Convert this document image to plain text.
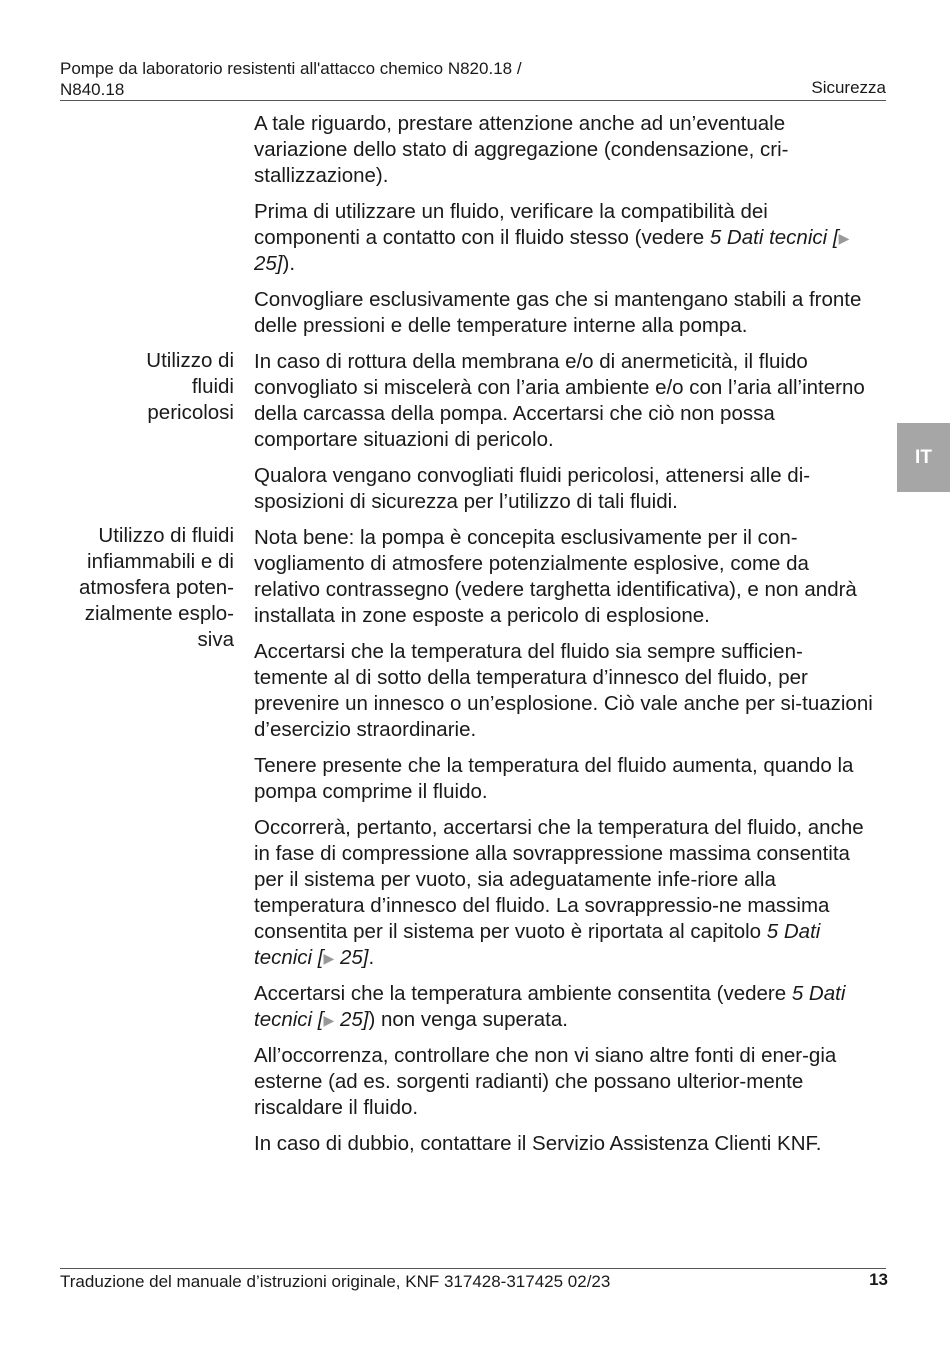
Pompe da laboratorio resistenti all'attacco chemico N820.18 / N840.18	Sicurezza
Utilizzo di fluidi pericolosi
Utilizzo di fluidi infiammabili e di atmosfera poten-zialmente esplo-siva

A tale riguardo, prestare attenzione anche ad un’eventuale variazione dello stato di aggregazione (condensazione, cri-stallizzazione).

Prima di utilizzare un fluido, verificare la compatibilità dei componenti a contatto con il fluido stesso (vedere 5 Dati tecnici [▶ 25]).

Convogliare esclusivamente gas che si mantengano stabili a fronte delle pressioni e delle temperature interne alla pompa.

In caso di rottura della membrana e/o di anermeticità, il fluido convogliato si miscelerà con l’aria ambiente e/o con l’aria all’interno della carcassa della pompa. Accertarsi che ciò non possa comportare situazioni di pericolo.

Qualora vengano convogliati fluidi pericolosi, attenersi alle di-sposizioni di sicurezza per l’utilizzo di tali fluidi.

Nota bene: la pompa è concepita esclusivamente per il con-vogliamento di atmosfere potenzialmente esplosive, come da relativo contrassegno (vedere targhetta identificativa), e non andrà installata in zone esposte a pericolo di esplosione.

Accertarsi che la temperatura del fluido sia sempre sufficien-temente al di sotto della temperatura d’innesco del fluido, per prevenire un innesco o un’esplosione. Ciò vale anche per si-tuazioni d’esercizio straordinarie.

Tenere presente che la temperatura del fluido aumenta, quando la pompa comprime il fluido.

Occorrerà, pertanto, accertarsi che la temperatura del fluido, anche in fase di compressione alla sovrappressione massima consentita per il sistema per vuoto, sia adeguatamente infe-riore alla temperatura d’innesco del fluido. La sovrappressio-ne massima consentita per il sistema per vuoto è riportata al capitolo 5 Dati tecnici [▶ 25].

Accertarsi che la temperatura ambiente consentita (vedere 5 Dati tecnici [▶ 25]) non venga superata.

All’occorrenza, controllare che non vi siano altre fonti di ener-gia esterne (ad es. sorgenti radianti) che possano ulterior-mente riscaldare il fluido.

In caso di dubbio, contattare il Servizio Assistenza Clienti KNF.

IT
Traduzione del manuale d’istruzioni originale, KNF 317428-317425 02/23	13
